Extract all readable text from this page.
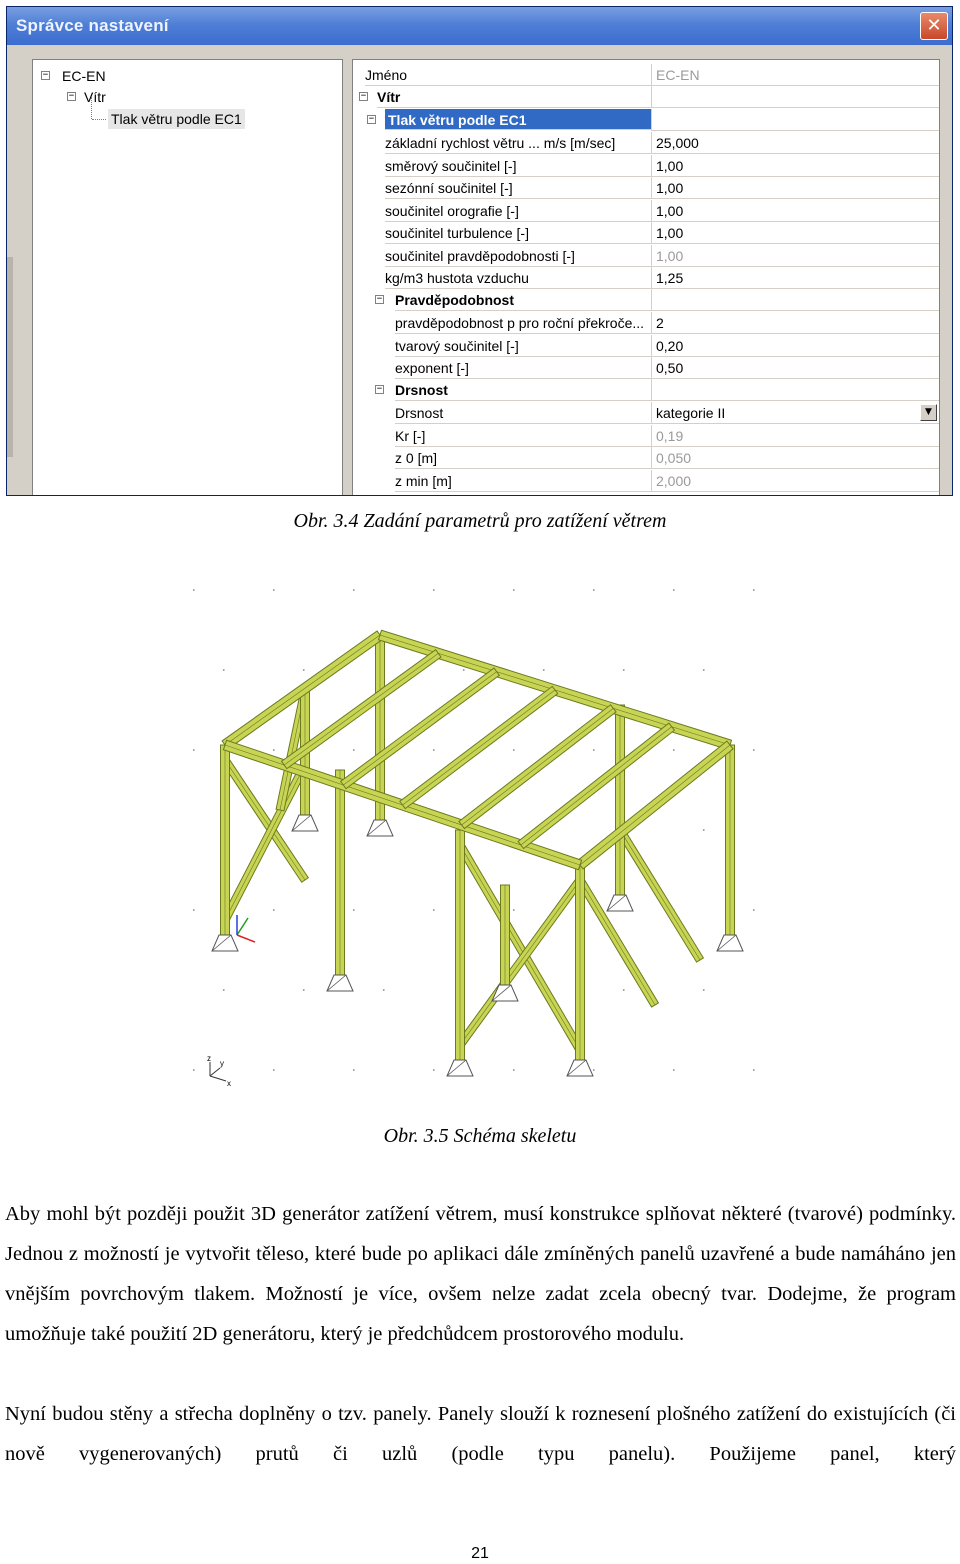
Správce nastavení	✕
− EC-EN
− Vítr
Tlak větru podle EC1
Jméno	EC-EN
− Vítr
− Tlak větru podle EC1
základní rychlost větru ... m/s [m/sec]	25,000
směrový součinitel [-]	1,00
sezónní součinitel [-]	1,00
součinitel orografie [-]	1,00
součinitel turbulence [-]	1,00
součinitel pravděpodobnosti [-]	1,00
kg/m3 hustota vzduchu	1,25
− Pravděpodobnost
pravděpodobnost p pro roční překroče... 2
tvarový součinitel [-]	0,20
exponent [-]	0,50
− Drsnost
Drsnost	kategorie II	▼
Kr [-]	0,19
z 0 [m]	0,050
z min [m]	2,000
Obr. 3.4 Zadání parametrů pro zatížení větrem
z
y
x
Obr. 3.5 Schéma skeletu

Aby mohl být později použit 3D generátor zatížení větrem, musí konstrukce splňovat některé (tvarové) podmínky. Jednou z možností je vytvořit těleso, které bude po aplikaci dále zmíněných panelů uzavřené a bude namáháno jen vnějším povrchovým tlakem. Možností je více, ovšem nelze zadat zcela obecný tvar. Dodejme, že program umožňuje také použití 2D generátoru, který je předchůdcem prostorového modulu.

Nyní budou stěny a střecha doplněny o tzv. panely. Panely slouží k roznesení plošného zatížení do existujících (či nově vygenerovaných) prutů či uzlů (podle typu panelu). Použijeme panel, který

21
